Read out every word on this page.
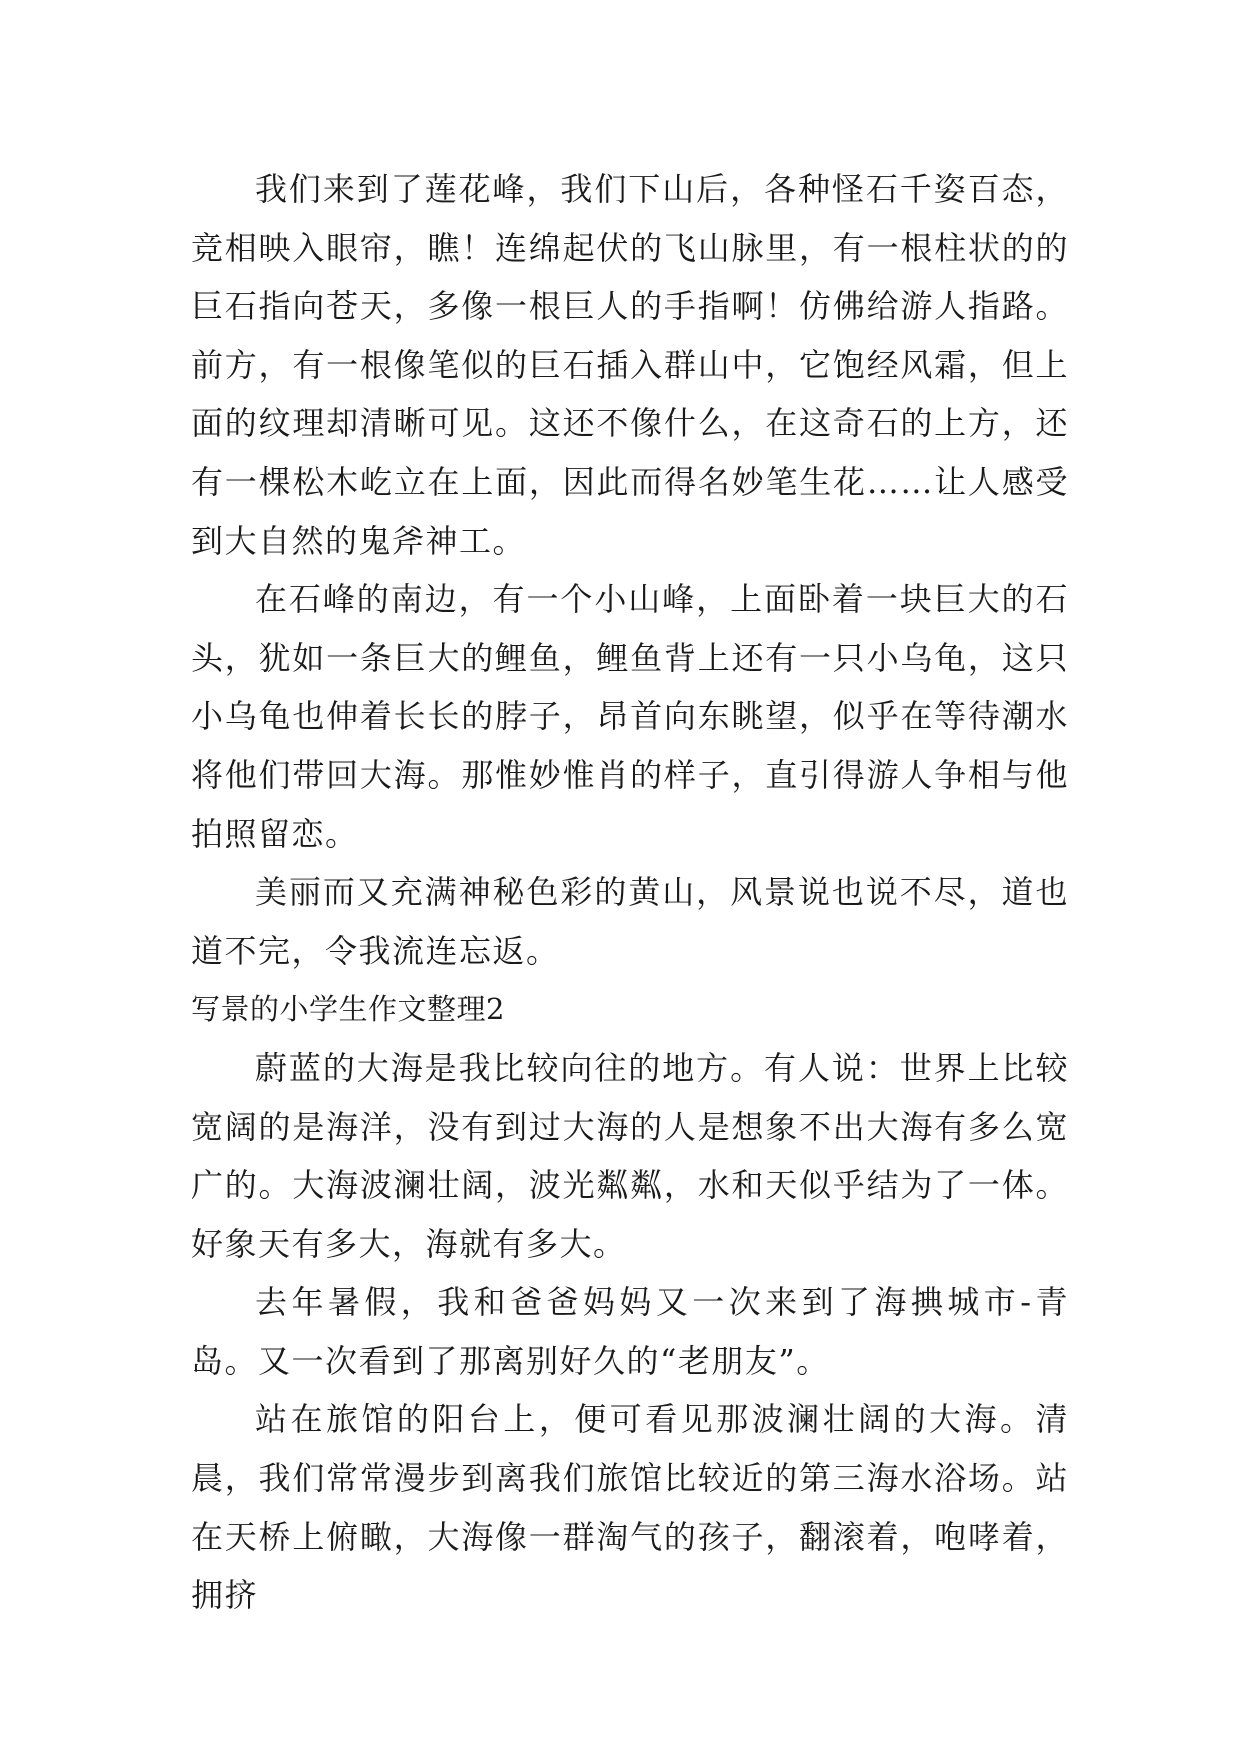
我们来到了莲花峰，我们下山后，各种怪石千姿百态，竞相映入眼帘，瞧！连绵起伏的飞山脉里，有一根柱状的的巨石指向苍天，多像一根巨人的手指啊！仿佛给游人指路。前方，有一根像笔似的巨石插入群山中，它饱经风霜，但上面的纹理却清晰可见。这还不像什么，在这奇石的上方，还有一棵松木屹立在上面，因此而得名妙笔生花……让人感受到大自然的鬼斧神工。

在石峰的南边，有一个小山峰，上面卧着一块巨大的石头，犹如一条巨大的鲤鱼，鲤鱼背上还有一只小乌龟，这只小乌龟也伸着长长的脖子，昂首向东眺望，似乎在等待潮水将他们带回大海。那惟妙惟肖的样子，直引得游人争相与他拍照留恋。

美丽而又充满神秘色彩的黄山，风景说也说不尽，道也道不完，令我流连忘返。

写景的小学生作文整理2

蔚蓝的大海是我比较向往的地方。有人说：世界上比较宽阔的是海洋，没有到过大海的人是想象不出大海有多么宽广的。大海波澜壮阔，波光粼粼，水和天似乎结为了一体。好象天有多大，海就有多大。

去年暑假，我和爸爸妈妈又一次来到了海捵城市-青岛。又一次看到了那离别好久的“老朋友”。

站在旅馆的阳台上，便可看见那波澜壮阔的大海。清晨，我们常常漫步到离我们旅馆比较近的第三海水浴场。站在天桥上俯瞰，大海像一群淘气的孩子，翻滚着，咆哮着，拥挤
